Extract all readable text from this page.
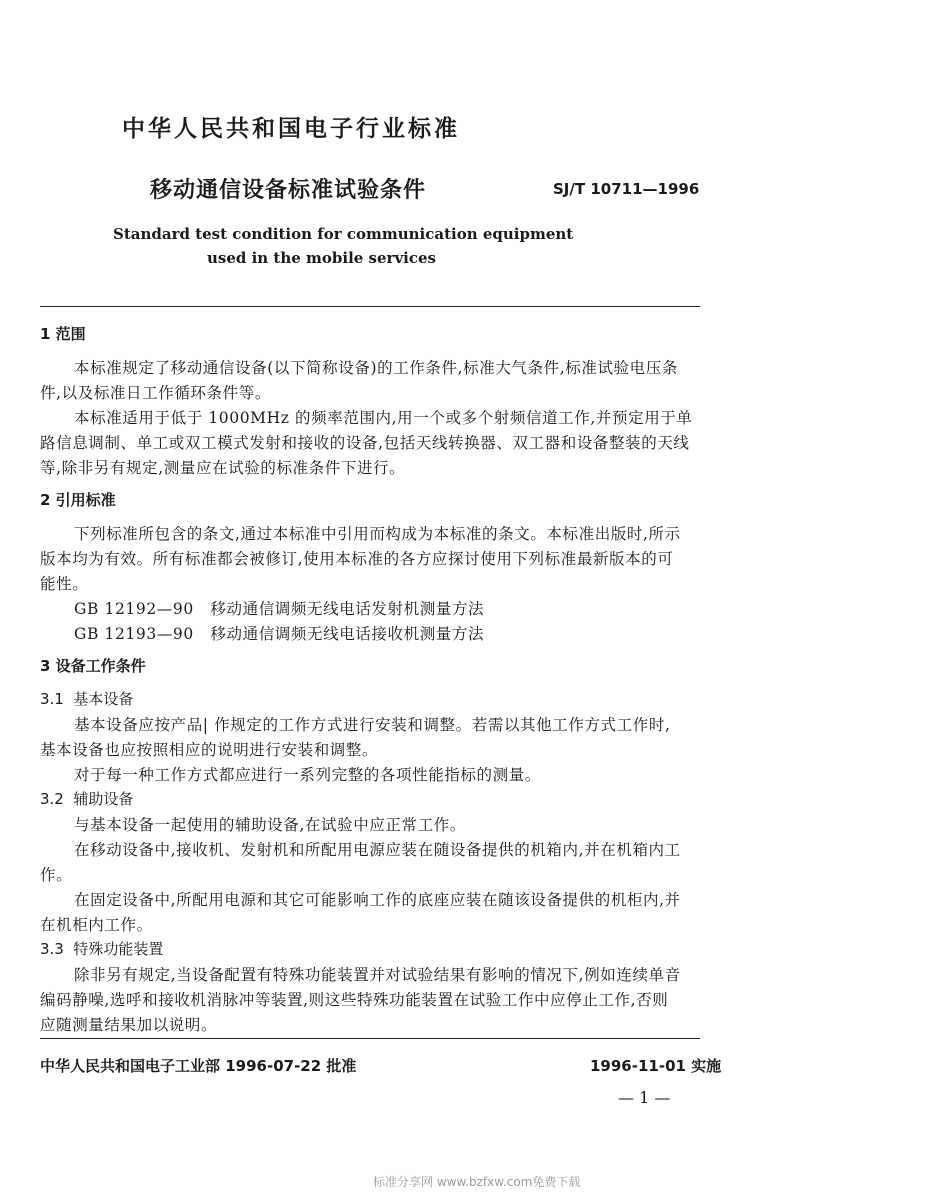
中华人民共和国电子行业标准
移动通信设备标准试验条件	SJ/T 10711—1996
Standard test condition for communication equipment
used in the mobile services
1 范围
本标准规定了移动通信设备(以下简称设备)的工作条件,标准大气条件,标准试验电压条
件,以及标准日工作循环条件等。
本标准适用于低于 1000MHz 的频率范围内,用一个或多个射频信道工作,并预定用于单
路信息调制、单工或双工模式发射和接收的设备,包括天线转换器、双工器和设备整装的天线
等,除非另有规定,测量应在试验的标准条件下进行。
2 引用标准
下列标准所包含的条文,通过本标准中引用而构成为本标准的条文。本标准出版时,所示
版本均为有效。所有标准都会被修订,使用本标准的各方应探讨使用下列标准最新版本的可
能性。
GB 12192—90   移动通信调频无线电话发射机测量方法
GB 12193—90   移动通信调频无线电话接收机测量方法
3 设备工作条件
3.1  基本设备
基本设备应按产品| 作规定的工作方式进行安装和调整。若需以其他工作方式工作时,
基本设备也应按照相应的说明进行安装和调整。
对于每一种工作方式都应进行一系列完整的各项性能指标的测量。
3.2  辅助设备
与基本设备一起使用的辅助设备,在试验中应正常工作。
在移动设备中,接收机、发射机和所配用电源应装在随设备提供的机箱内,并在机箱内工
作。
在固定设备中,所配用电源和其它可能影响工作的底座应装在随该设备提供的机柜内,并
在机柜内工作。
3.3  特殊功能装置
除非另有规定,当设备配置有特殊功能装置并对试验结果有影响的情况下,例如连续单音
编码静噪,选呼和接收机消脉冲等装置,则这些特殊功能装置在试验工作中应停止工作,否则
应随测量结果加以说明。
中华人民共和国电子工业部 1996-07-22 批准	1996-11-01 实施
— 1 —
标准分享网 www.bzfxw.com免费下载
